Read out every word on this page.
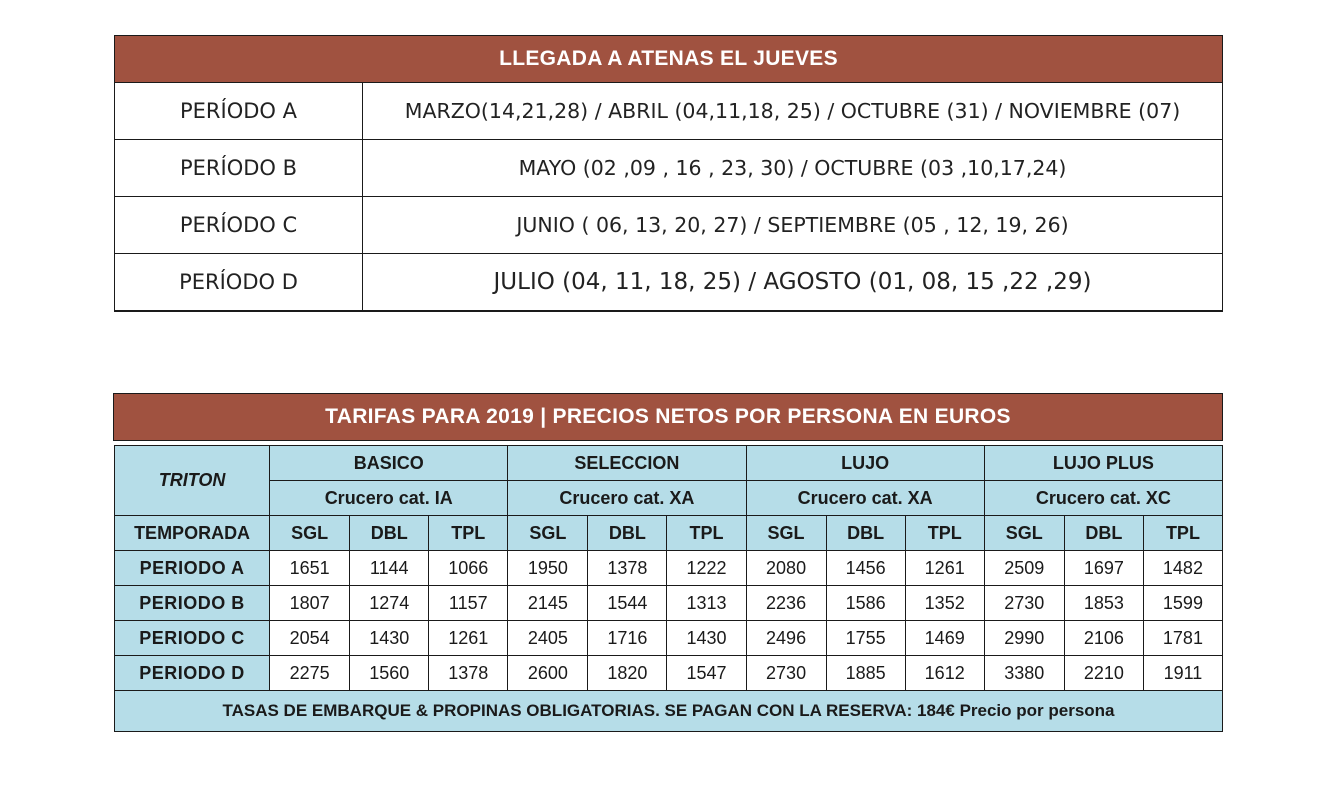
LLEGADA A ATENAS EL JUEVES	
PERÍODO A	MARZO(14,21,28) / ABRIL (04,11,18, 25) / OCTUBRE (31) / NOVIEMBRE (07)
PERÍODO B	MAYO (02 ,09 , 16 , 23, 30) / OCTUBRE (03 ,10,17,24)
PERÍODO C	JUNIO ( 06, 13, 20, 27) / SEPTIEMBRE (05 , 12, 19, 26)
PERÍODO D	JULIO (04, 11, 18, 25) / AGOSTO (01, 08, 15 ,22 ,29)
TARIFAS PARA 2019 | PRECIOS NETOS POR PERSONA EN EUROS
TRITON	BASICO			SELECCION			LUJO			LUJO PLUS		
	Crucero cat. IA			Crucero cat. XA			Crucero cat. XA			Crucero cat. XC		
TEMPORADA	SGL	DBL	TPL	SGL	DBL	TPL	SGL	DBL	TPL	SGL	DBL	TPL
PERIODO A	1651	1144	1066	1950	1378	1222	2080	1456	1261	2509	1697	1482
PERIODO B	1807	1274	1157	2145	1544	1313	2236	1586	1352	2730	1853	1599
PERIODO C	2054	1430	1261	2405	1716	1430	2496	1755	1469	2990	2106	1781
PERIODO D	2275	1560	1378	2600	1820	1547	2730	1885	1612	3380	2210	1911
TASAS DE EMBARQUE & PROPINAS OBLIGATORIAS. SE PAGAN CON LA RESERVA: 184€ Precio por persona												
